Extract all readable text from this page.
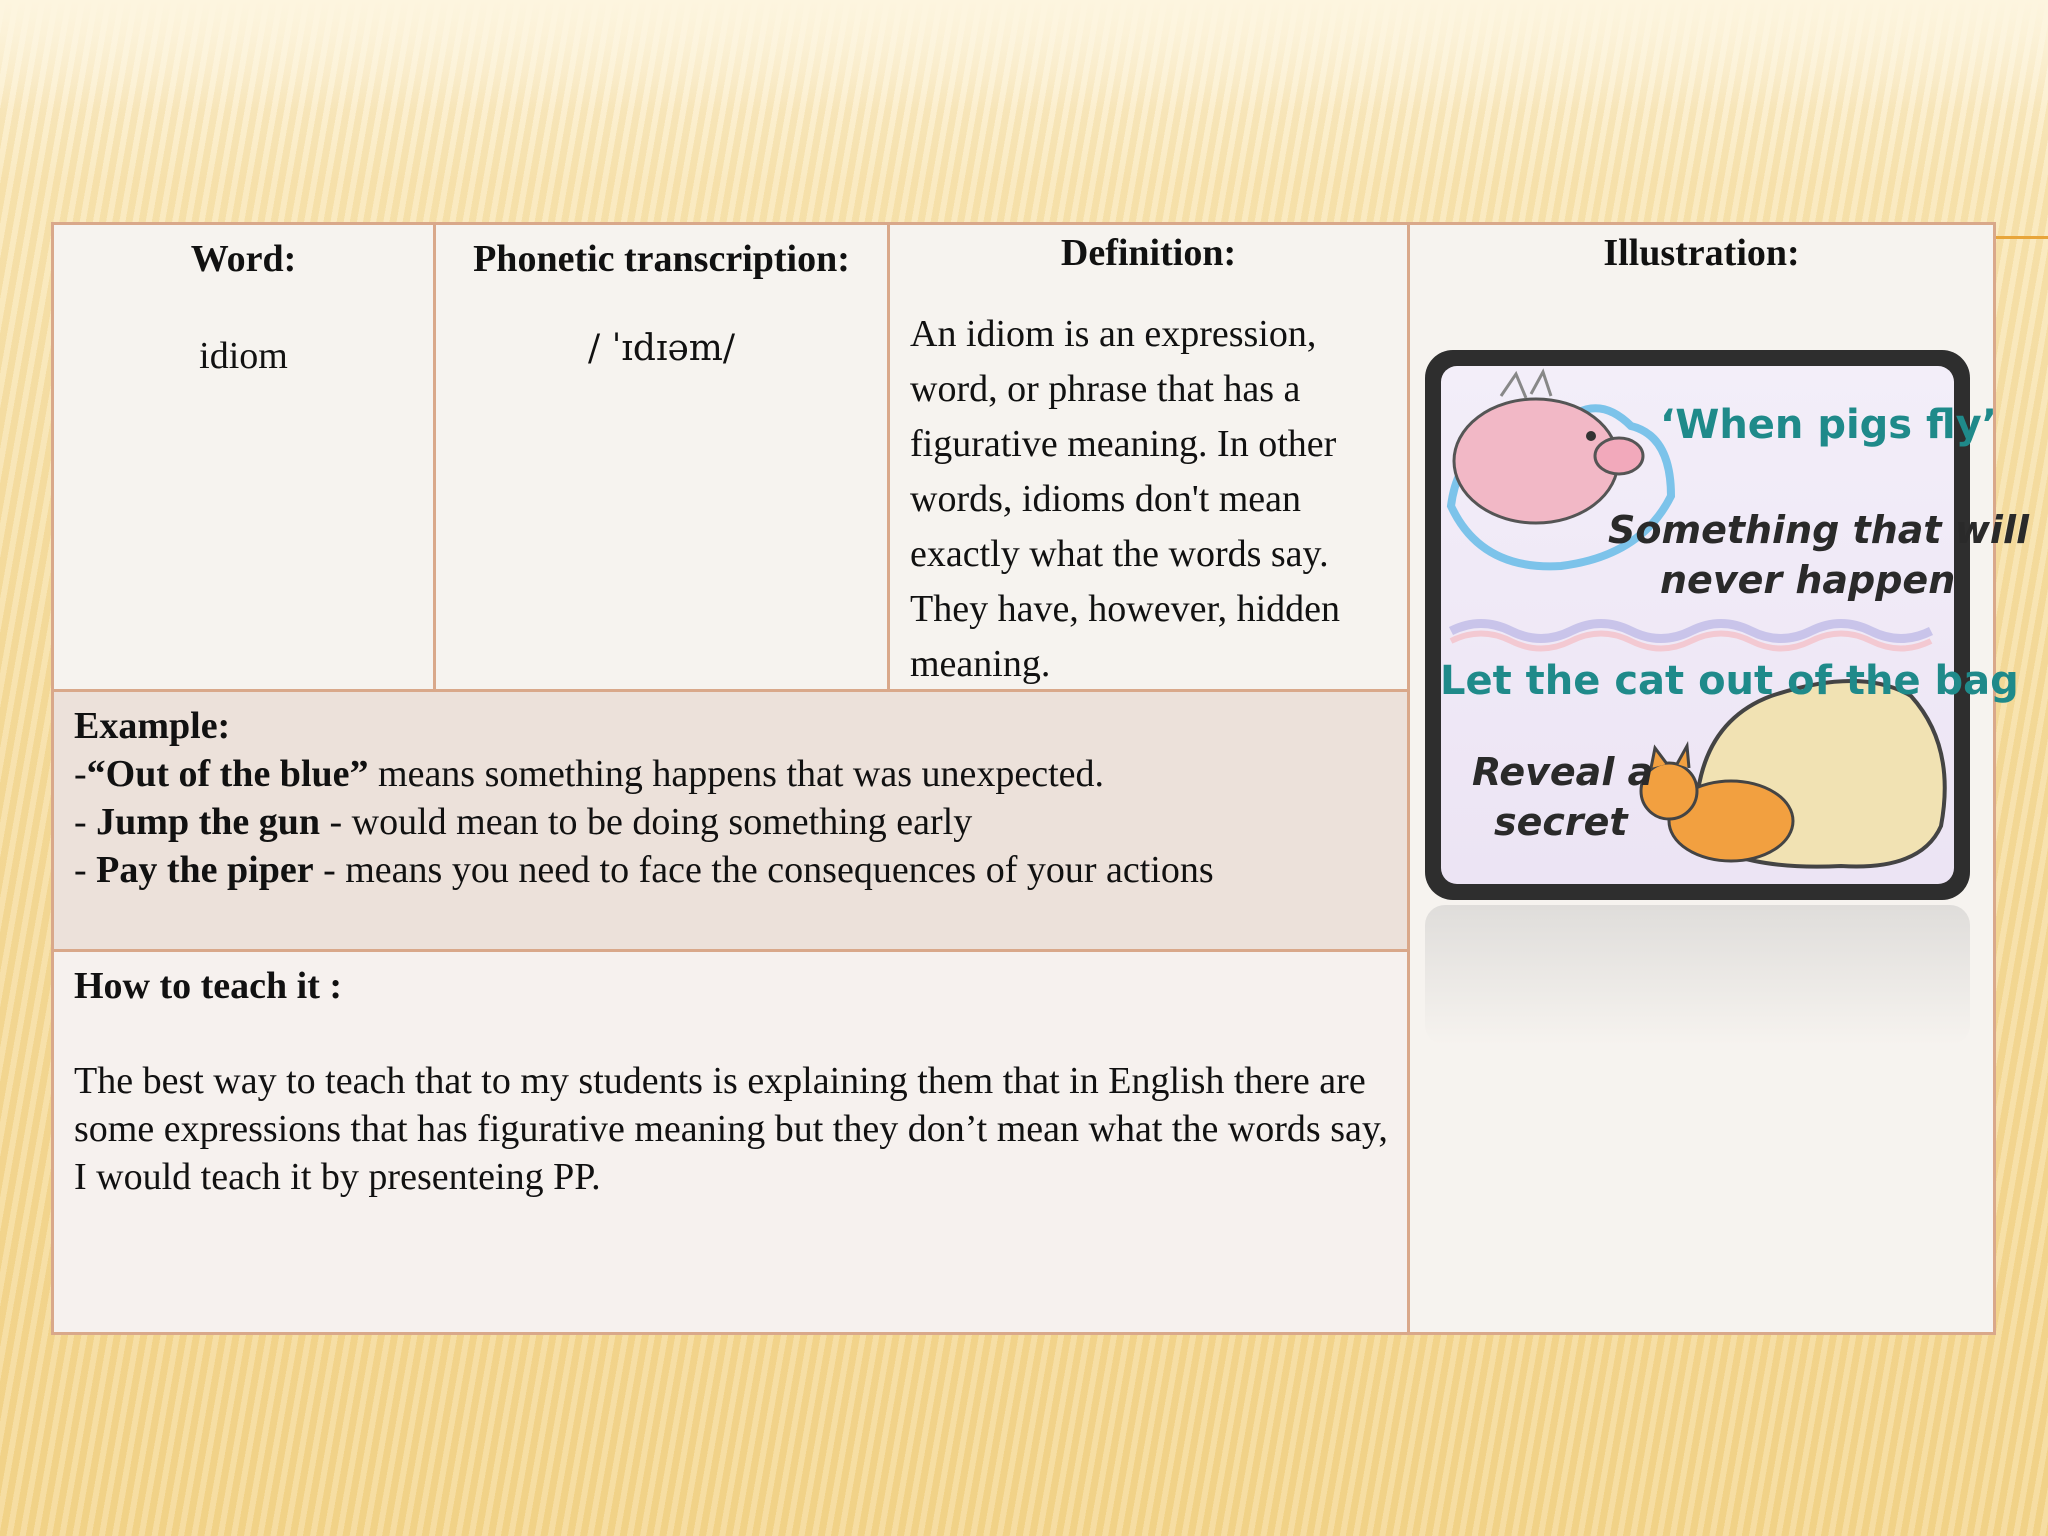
Word:
idiom
Phonetic transcription:
/ ˈɪdɪəm/
Definition:
An idiom is an expression, word, or phrase that has a figurative meaning. In other words, idioms don't mean exactly what the words say. They have, however, hidden meaning.
Example:
-“Out of the blue” means something happens that was unexpected.
- Jump the gun - would mean to be doing something early
- Pay the piper - means you need to face the consequences of your actions
How to teach it :
The best way to teach that to my students is explaining them that in English there are some expressions that has figurative meaning but they don’t mean what the words say, I would teach it by presenteing PP.
Illustration:
‘When pigs fly’
Something that will
never happen
Let the cat out of the bag
Reveal a
secret
